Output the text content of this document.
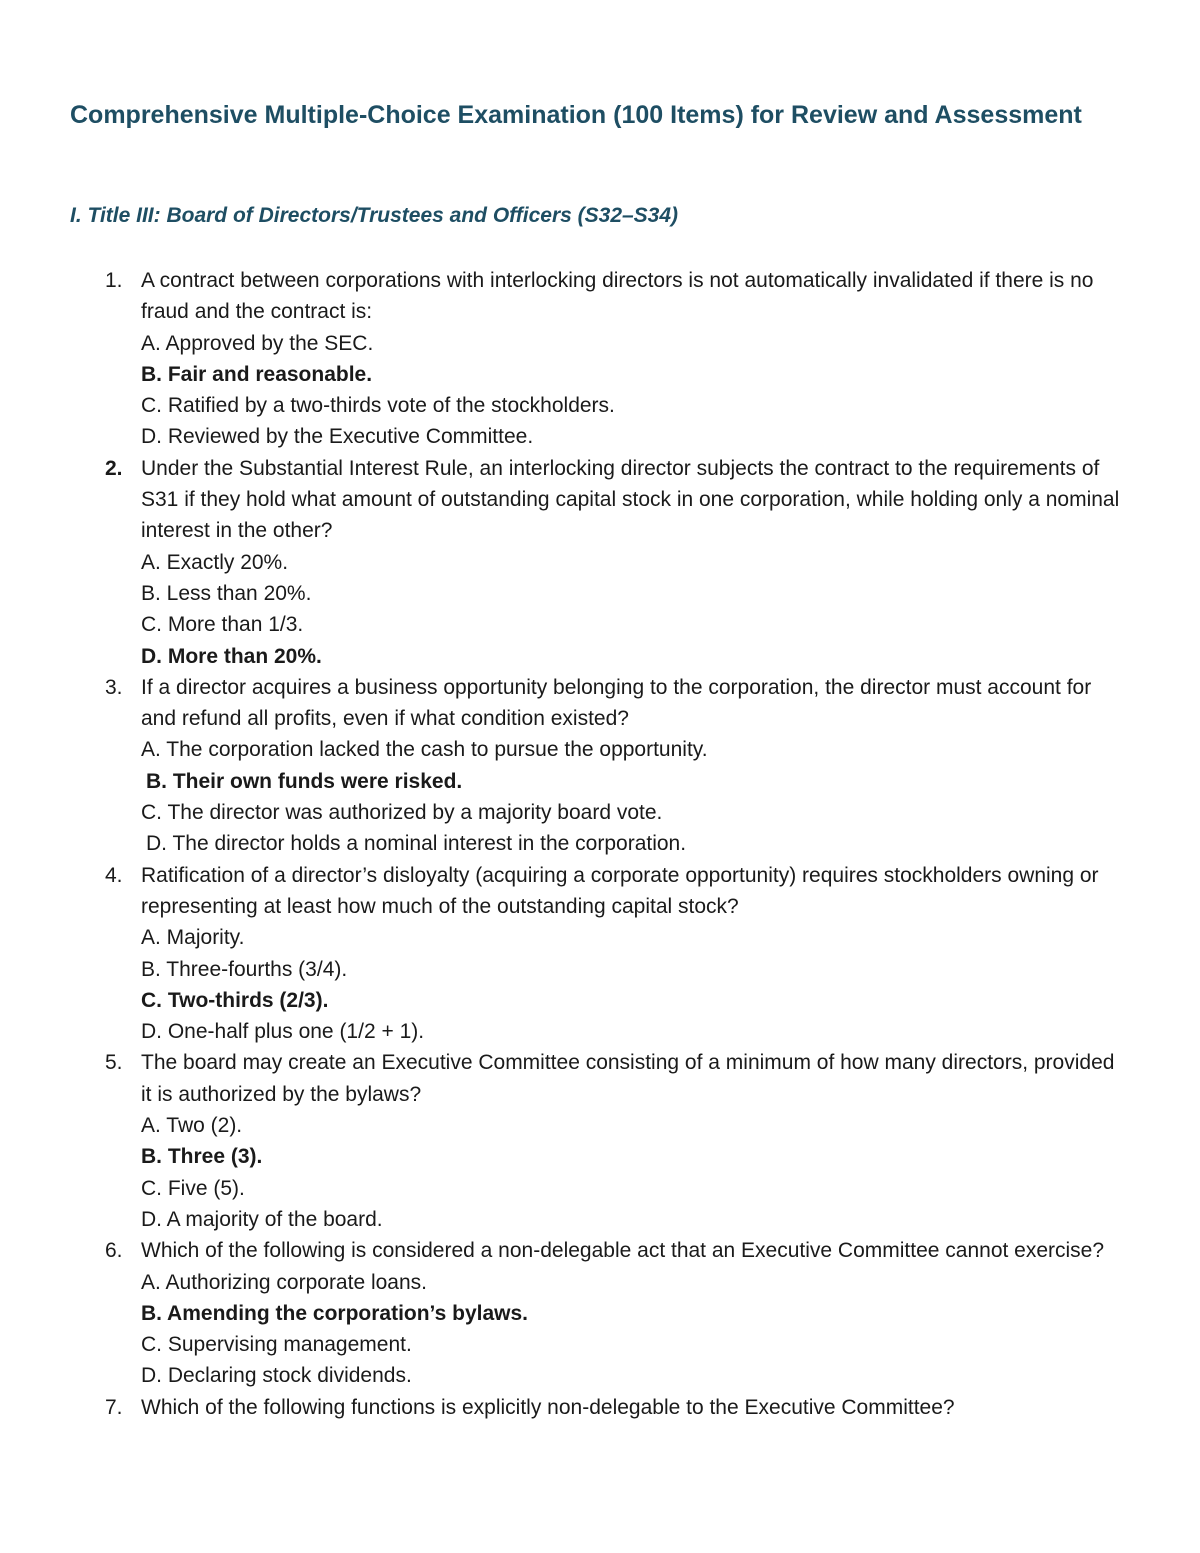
Comprehensive Multiple-Choice Examination (100 Items) for Review and Assessment
I. Title III: Board of Directors/Trustees and Officers (S32–S34)
1. A contract between corporations with interlocking directors is not automatically invalidated if there is no fraud and the contract is:
A. Approved by the SEC.
B. Fair and reasonable.
C. Ratified by a two-thirds vote of the stockholders.
D. Reviewed by the Executive Committee.
2. Under the Substantial Interest Rule, an interlocking director subjects the contract to the requirements of S31 if they hold what amount of outstanding capital stock in one corporation, while holding only a nominal interest in the other?
A. Exactly 20%.
B. Less than 20%.
C. More than 1/3.
D. More than 20%.
3. If a director acquires a business opportunity belonging to the corporation, the director must account for and refund all profits, even if what condition existed?
A. The corporation lacked the cash to pursue the opportunity.
B. Their own funds were risked.
C. The director was authorized by a majority board vote.
D. The director holds a nominal interest in the corporation.
4. Ratification of a director’s disloyalty (acquiring a corporate opportunity) requires stockholders owning or representing at least how much of the outstanding capital stock?
A. Majority.
B. Three-fourths (3/4).
C. Two-thirds (2/3).
D. One-half plus one (1/2 + 1).
5. The board may create an Executive Committee consisting of a minimum of how many directors, provided it is authorized by the bylaws?
A. Two (2).
B. Three (3).
C. Five (5).
D. A majority of the board.
6. Which of the following is considered a non-delegable act that an Executive Committee cannot exercise?
A. Authorizing corporate loans.
B. Amending the corporation’s bylaws.
C. Supervising management.
D. Declaring stock dividends.
7. Which of the following functions is explicitly non-delegable to the Executive Committee?
